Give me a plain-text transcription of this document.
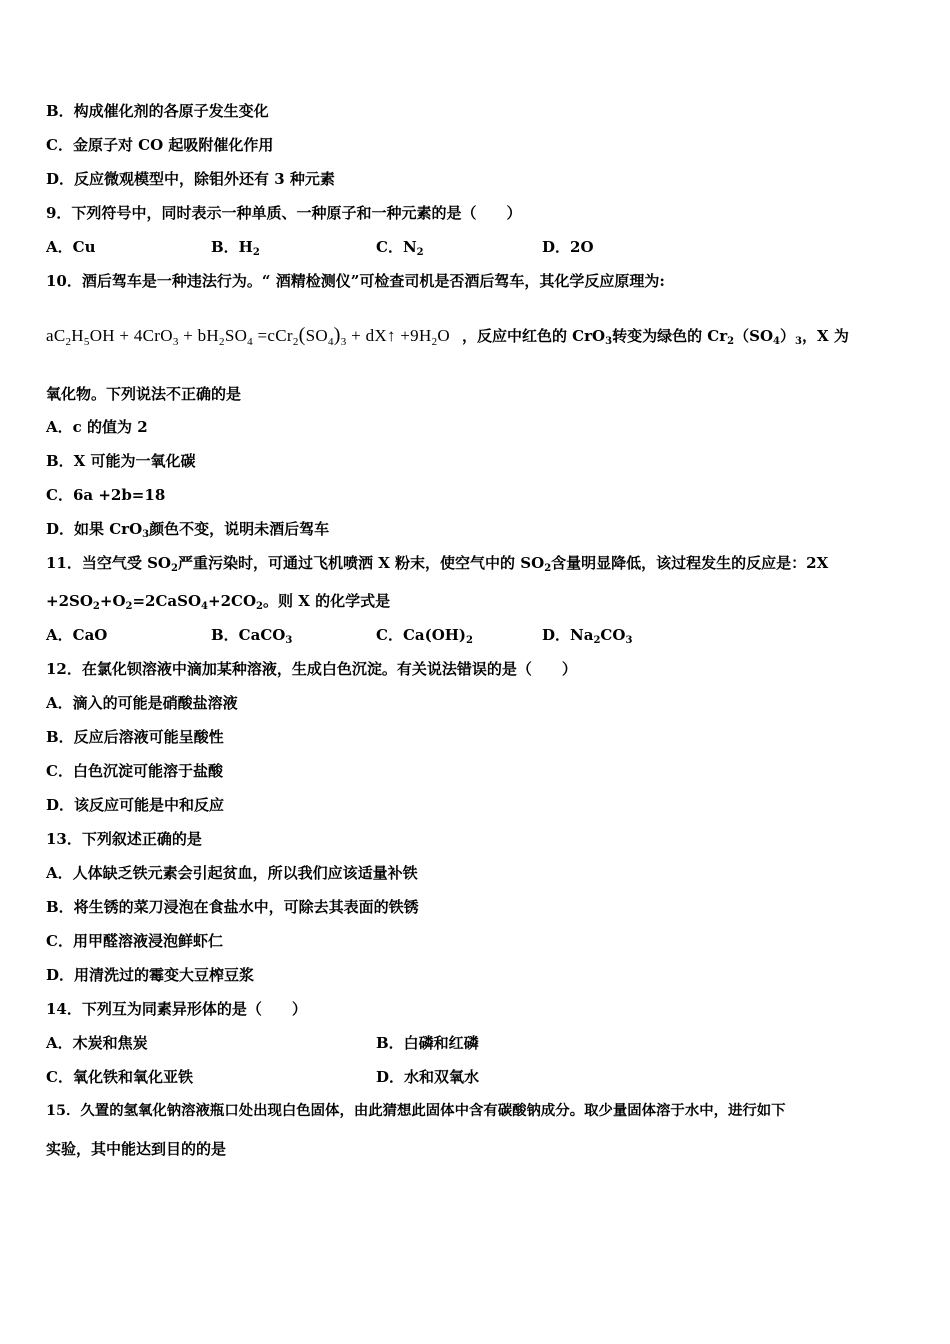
B．构成催化剂的各原子发生变化
C．金原子对 CO 起吸附催化作用
D．反应微观模型中，除钼外还有 3 种元素
9．下列符号中，同时表示一种单质、一种原子和一种元素的是（　　）
A．Cu	B．$H_2$	C．$N_2$	D．2O
10．酒后驾车是一种违法行为。“ 酒精检测仪”可检查司机是否酒后驾车，其化学反应原理为:
$aC_2H_5OH + 4CrO_3 + bH_2SO_4 =cCr_2(SO_4)_3$ + dX↑ $+9H_2O$ ，反应中红色的 CrO$_3$转变为绿色的 $Cr_2(SO_4)_3$，X 为
氧化物。下列说法不正确的是
A．c 的值为 2
B．X 可能为一氧化碳
C．6a +2b=18
D．如果 CrO$_3$颜色不变，说明未酒后驾车
11．当空气受 $SO_2$严重污染时，可通过飞机喷洒 X 粉末，使空气中的 $SO_2$含量明显降低，该过程发生的反应是：2X
$+2SO_2+O_2=2CaSO_4+2CO_2$。则 X 的化学式是
A．CaO	B．CaCO$_3$	C．$Ca(OH)_2$	D．$Na_2CO_3$
12．在氯化钡溶液中滴加某种溶液，生成白色沉淀。有关说法错误的是（　　）
A．滴入的可能是硝酸盐溶液
B．反应后溶液可能呈酸性
C．白色沉淀可能溶于盐酸
D．该反应可能是中和反应
13．下列叙述正确的是
A．人体缺乏铁元素会引起贫血，所以我们应该适量补铁
B．将生锈的菜刀浸泡在食盐水中，可除去其表面的铁锈
C．用甲醛溶液浸泡鲜虾仁
D．用清洗过的霉变大豆榨豆浆
14．下列互为同素异形体的是（　　）
A．木炭和焦炭	B．白磷和红磷
C．氧化铁和氧化亚铁	D．水和双氧水
15．久置的氢氧化钠溶液瓶口处出现白色固体，由此猜想此固体中含有碳酸钠成分。取少量固体溶于水中，进行如下
实验，其中能达到目的的是
